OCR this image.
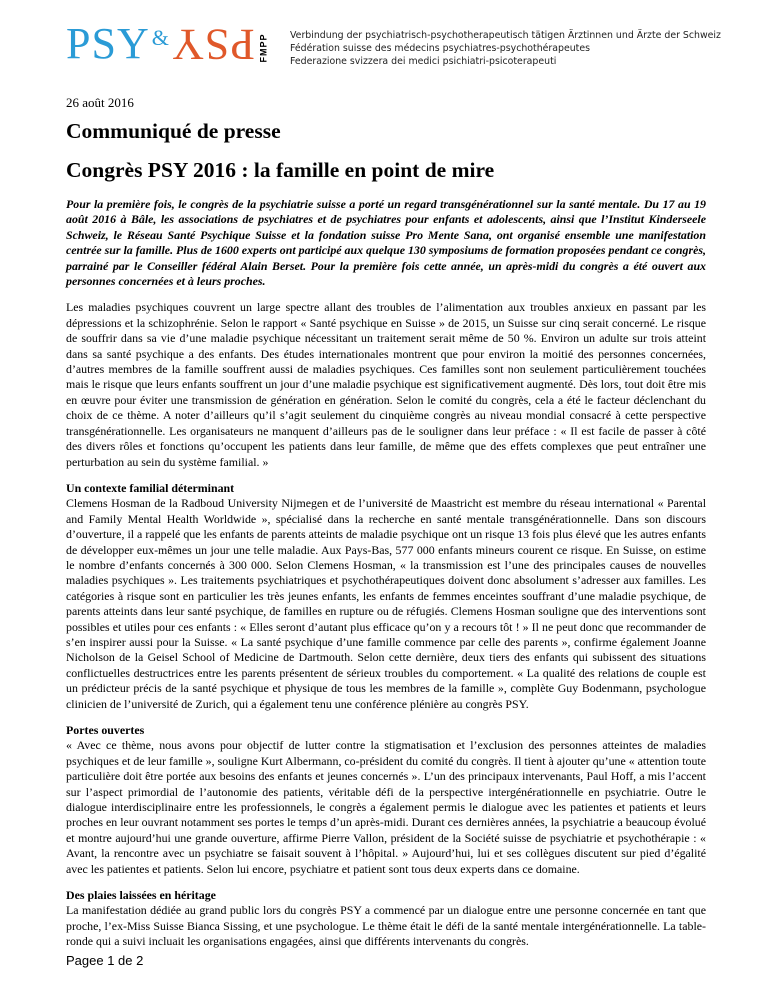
PSY & PSY FMPP Verbindung der psychiatrisch-psychotherapeutisch tätigen Ärztinnen und Ärzte der Schweiz
Fédération suisse des médecins psychiatres-psychothérapeutes
Federazione svizzera dei medici psichiatri-psicoterapeuti
26 août 2016
Communiqué de presse
Congrès PSY 2016 : la famille en point de mire

Pour la première fois, le congrès de la psychiatrie suisse a porté un regard transgénérationnel sur la santé mentale. Du 17 au 19 août 2016 à Bâle, les associations de psychiatres et de psychiatres pour enfants et adolescents, ainsi que l’Institut Kinderseele Schweiz, le Réseau Santé Psychique Suisse et la fondation suisse Pro Mente Sana, ont organisé ensemble une manifestation centrée sur la famille. Plus de 1600 experts ont participé aux quelque 130 symposiums de formation proposées pendant ce congrès, parrainé par le Conseiller fédéral Alain Berset. Pour la première fois cette année, un après-midi du congrès a été ouvert aux personnes concernées et à leurs proches.

Les maladies psychiques couvrent un large spectre allant des troubles de l’alimentation aux troubles anxieux en passant par les dépressions et la schizophrénie. Selon le rapport « Santé psychique en Suisse » de 2015, un Suisse sur cinq serait concerné. Le risque de souffrir dans sa vie d’une maladie psychique nécessitant un traitement serait même de 50 %. Environ un adulte sur trois atteint dans sa santé psychique a des enfants. Des études internationales montrent que pour environ la moitié des personnes concernées, d’autres membres de la famille souffrent aussi de maladies psychiques. Ces familles sont non seulement particulièrement touchées mais le risque que leurs enfants souffrent un jour d’une maladie psychique est significativement augmenté. Dès lors, tout doit être mis en œuvre pour éviter une transmission de génération en génération. Selon le comité du congrès, cela a été le facteur déclenchant du choix de ce thème. A noter d’ailleurs qu’il s’agit seulement du cinquième congrès au niveau mondial consacré à cette perspective transgénérationnelle. Les organisateurs ne manquent d’ailleurs pas de le souligner dans leur préface : « Il est facile de passer à côté des divers rôles et fonctions qu’occupent les patients dans leur famille, de même que des effets complexes que peut entraîner une perturbation au sein du système familial. »

Un contexte familial déterminant
Clemens Hosman de la Radboud University Nijmegen et de l’université de Maastricht est membre du réseau international « Parental and Family Mental Health Worldwide », spécialisé dans la recherche en santé mentale transgénérationnelle. Dans son discours d’ouverture, il a rappelé que les enfants de parents atteints de maladie psychique ont un risque 13 fois plus élevé que les autres enfants de développer eux-mêmes un jour une telle maladie. Aux Pays-Bas, 577 000 enfants mineurs courent ce risque. En Suisse, on estime le nombre d’enfants concernés à 300 000. Selon Clemens Hosman, « la transmission est l’une des principales causes de nouvelles maladies psychiques ». Les traitements psychiatriques et psychothérapeutiques doivent donc absolument s’adresser aux familles. Les catégories à risque sont en particulier les très jeunes enfants, les enfants de femmes enceintes souffrant d’une maladie psychique, de parents atteints dans leur santé psychique, de familles en rupture ou de réfugiés. Clemens Hosman souligne que des interventions sont possibles et utiles pour ces enfants : « Elles seront d’autant plus efficace qu’on y a recours tôt ! » Il ne peut donc que recommander de s’en inspirer aussi pour la Suisse. « La santé psychique d’une famille commence par celle des parents », confirme également Joanne Nicholson de la Geisel School of Medicine de Dartmouth. Selon cette dernière, deux tiers des enfants qui subissent des situations conflictuelles destructrices entre les parents présentent de sérieux troubles du comportement. « La qualité des relations de couple est un prédicteur précis de la santé psychique et physique de tous les membres de la famille », complète Guy Bodenmann, psychologue clinicien de l’université de Zurich, qui a également tenu une conférence plénière au congrès PSY.

Portes ouvertes
« Avec ce thème, nous avons pour objectif de lutter contre la stigmatisation et l’exclusion des personnes atteintes de maladies psychiques et de leur famille », souligne Kurt Albermann, co-président du comité du congrès. Il tient à ajouter qu’une « attention toute particulière doit être portée aux besoins des enfants et jeunes concernés ». L’un des principaux intervenants, Paul Hoff, a mis l’accent sur l’aspect primordial de l’autonomie des patients, véritable défi de la perspective intergénérationnelle en psychiatrie. Outre le dialogue interdisciplinaire entre les professionnels, le congrès a également permis le dialogue avec les patientes et patients et leurs proches en leur ouvrant notamment ses portes le temps d’un après-midi. Durant ces dernières années, la psychiatrie a beaucoup évolué et montre aujourd’hui une grande ouverture, affirme Pierre Vallon, président de la Société suisse de psychiatrie et psychothérapie : « Avant, la rencontre avec un psychiatre se faisait souvent à l’hôpital. » Aujourd’hui, lui et ses collègues discutent sur pied d’égalité avec les patientes et patients. Selon lui encore, psychiatre et patient sont tous deux experts dans ce domaine.

Des plaies laissées en héritage
La manifestation dédiée au grand public lors du congrès PSY a commencé par un dialogue entre une personne concernée en tant que proche, l’ex-Miss Suisse Bianca Sissing, et une psychologue. Le thème était le défi de la santé mentale intergénérationnelle. La table-ronde qui a suivi incluait les organisations engagées, ainsi que différents intervenants du congrès.

Pagee 1 de 2
